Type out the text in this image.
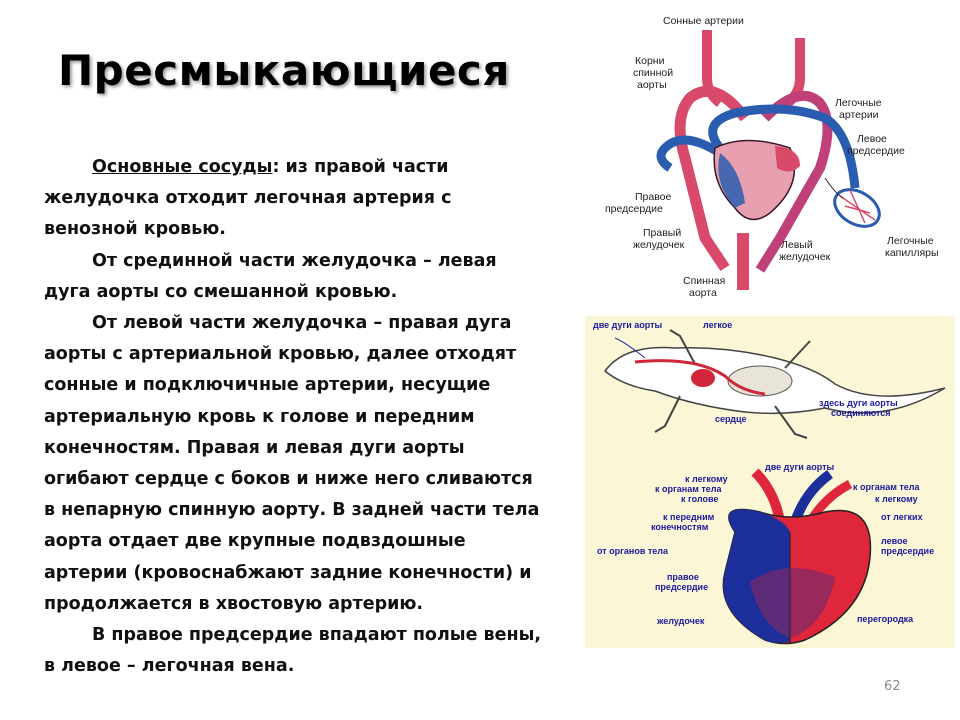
Пресмыкающиеся

Основные сосуды: из правой части желудочка отходит легочная артерия с венозной кровью.

От срединной части желудочка – левая дуга аорты со смешанной кровью.

От левой части желудочка – правая дуга аорты с артериальной кровью, далее отходят сонные и подключичные артерии, несущие артериальную кровь к голове и передним конечностям. Правая и левая дуги аорты огибают сердце с боков и ниже него сливаются в непарную спинную аорту. В задней части тела аорта отдает две крупные подвздошные артерии (кровоснабжают задние конечности) и продолжается в хвостовую артерию.

В правое предсердие впадают полые вены, в левое – легочная вена.

Сонные артерии
Корни
спинной
аорты
Легочные
артерии
Левое
предсердие
Правое
предсердие
Правый
желудочек	Левый
желудочек
Легочные
капилляры
Спинная
аорта
две дуги аорты	легкое
сердце
здесь дуги аорты
соединяются
к легкому
к органам тела
к голове
к передним
конечностям
от органов тела
правое
предсердие
желудочек
две дуги аорты
к органам тела
к легкому
от легких
левое
предсердие
перегородка
62
